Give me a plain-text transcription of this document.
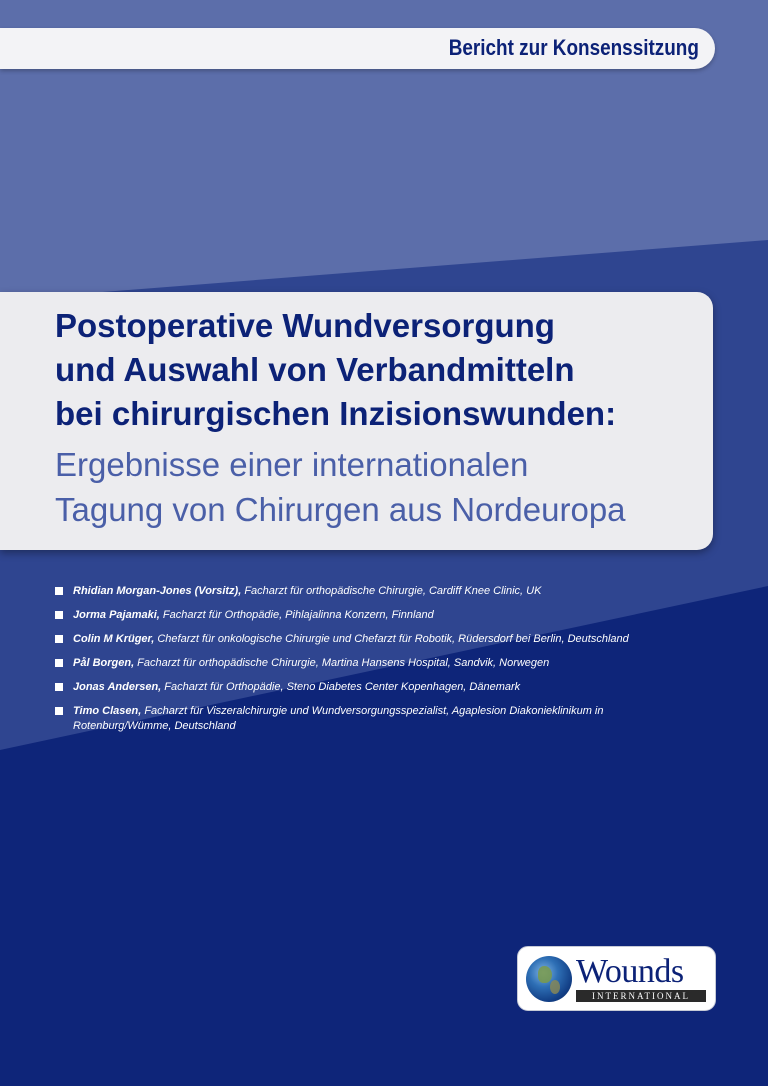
Bericht zur Konsenssitzung

Postoperative Wundversorgung
und Auswahl von Verbandmitteln
bei chirurgischen Inzisionswunden:
Ergebnisse einer internationalen
Tagung von Chirurgen aus Nordeuropa
Rhidian Morgan-Jones (Vorsitz), Facharzt für orthopädische Chirurgie, Cardiff Knee Clinic, UK
Jorma Pajamaki, Facharzt für Orthopädie, Pihlajalinna Konzern, Finnland
Colin M Krüger, Chefarzt für onkologische Chirurgie und Chefarzt für Robotik, Rüdersdorf bei Berlin, Deutschland
Pål Borgen, Facharzt für orthopädische Chirurgie, Martina Hansens Hospital, Sandvik, Norwegen
Jonas Andersen, Facharzt für Orthopädie, Steno Diabetes Center Kopenhagen, Dänemark
Timo Clasen, Facharzt für Viszeralchirurgie und Wundversorgungsspezialist, Agaplesion Diakonieklinikum in Rotenburg/Wümme, Deutschland

Wounds

INTERNATIONAL
